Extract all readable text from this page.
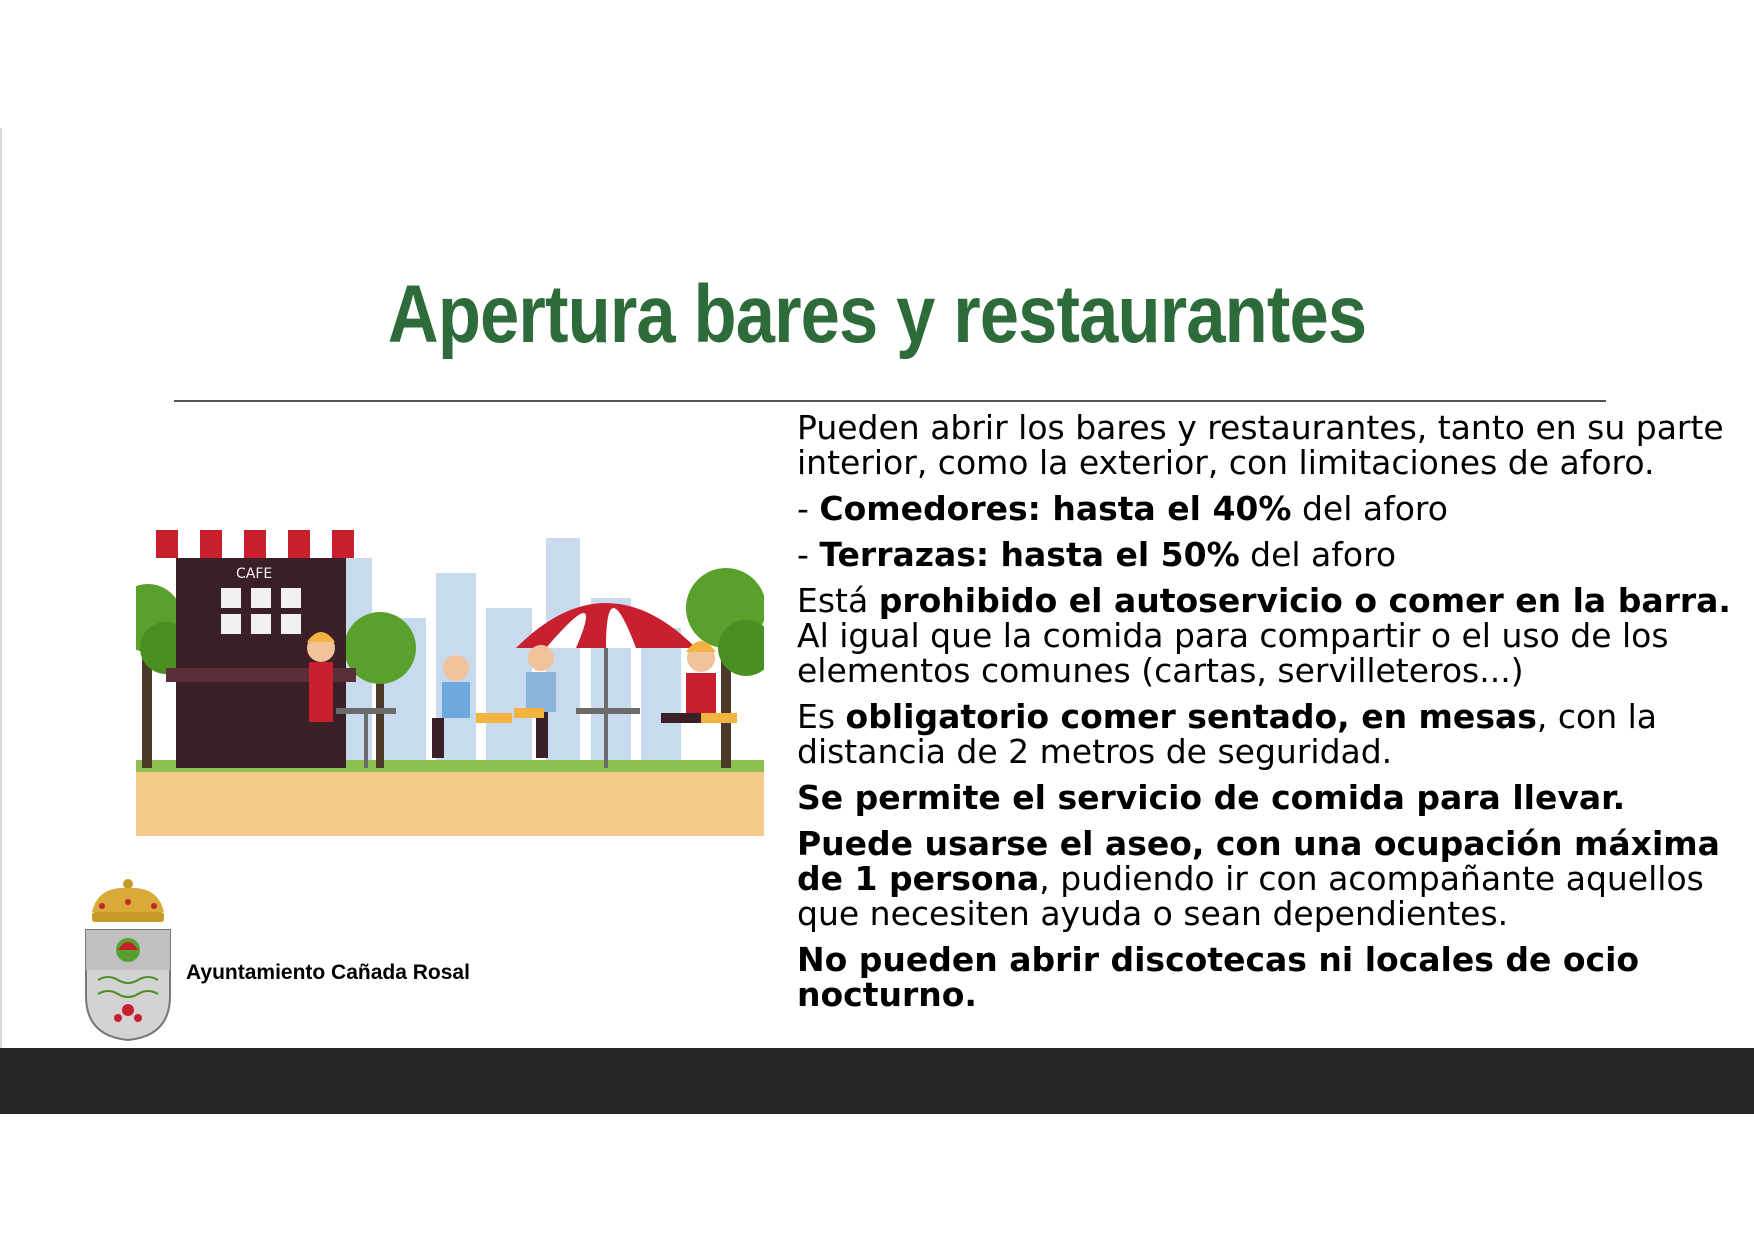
Apertura bares y restaurantes
CAFE
Ayuntamiento Cañada Rosal

Pueden abrir los bares y restaurantes, tanto en su parte interior, como la exterior, con limitaciones de aforo.

- Comedores: hasta el 40% del aforo

- Terrazas: hasta el 50% del aforo

Está prohibido el autoservicio o comer en la barra. Al igual que la comida para compartir o el uso de los elementos comunes (cartas, servilleteros...)

Es obligatorio comer sentado, en mesas, con la distancia de 2 metros de seguridad.

Se permite el servicio de comida para llevar.

Puede usarse el aseo, con una ocupación máxima de 1 persona, pudiendo ir con acompañante aquellos que necesiten ayuda o sean dependientes.

No pueden abrir discotecas ni locales de ocio nocturno.
